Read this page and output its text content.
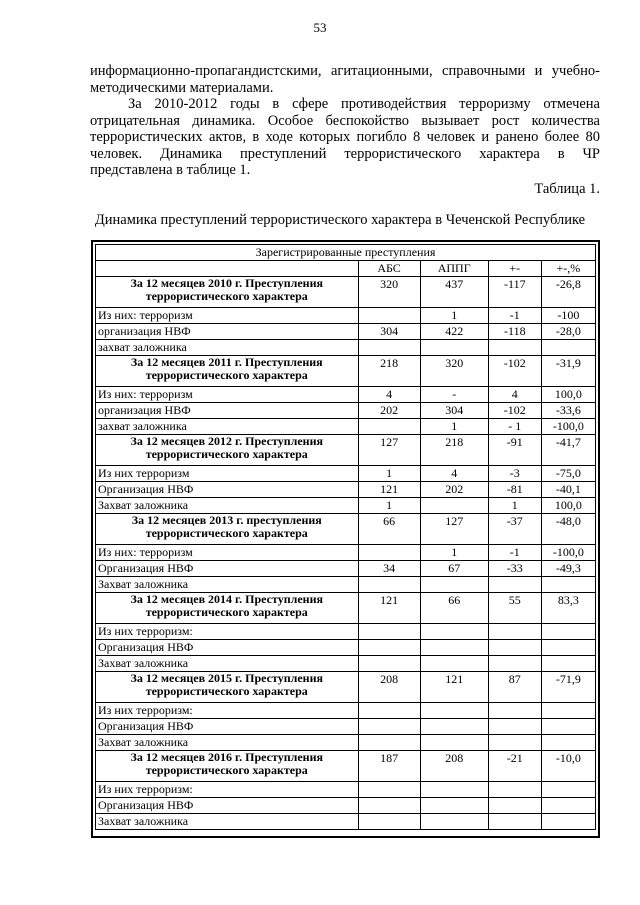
53

информационно-пропагандистскими, агитационными, справочными и учебно-методическими материалами.

За 2010-2012 годы в сфере противодействия терроризму отмечена отрицательная динамика. Особое беспокойство вызывает рост количества террористических актов, в ходе которых погибло 8 человек и ранено более 80 человек. Динамика преступлений террористического характера в ЧР представлена в таблице 1.

Таблица 1.
Динамика преступлений террористического характера в Чеченской Республике
Зарегистрированные преступления				
	АБС	АППГ	+-	+-,%
За 12 месяцев 2010 г. Преступления террористического характера	320	437	-117	-26,8
Из них: терроризм		1	-1	-100
организация НВФ	304	422	-118	-28,0
захват заложника				
За 12 месяцев 2011 г. Преступления террористического характера	218	320	-102	-31,9
Из них: терроризм	4	-	4	100,0
организация НВФ	202	304	-102	-33,6
захват заложника		1	- 1	-100,0
За 12 месяцев 2012 г. Преступления террористического характера	127	218	-91	-41,7
Из них терроризм	1	4	-3	-75,0
Организация НВФ	121	202	-81	-40,1
Захват заложника	1		1	100,0
За 12 месяцев 2013 г. преступления террористического характера	66	127	-37	-48,0
Из них: терроризм		1	-1	-100,0
Организация НВФ	34	67	-33	-49,3
Захват заложника				
За 12 месяцев 2014 г. Преступления террористического характера	121	66	55	83,3
Из них терроризм:				
Организация НВФ				
Захват заложника				
За 12 месяцев 2015 г. Преступления террористического характера	208	121	87	-71,9
Из них терроризм:				
Организация НВФ				
Захват заложника				
За 12 месяцев 2016 г. Преступления террористического характера	187	208	-21	-10,0
Из них терроризм:				
Организация НВФ				
Захват заложника				
